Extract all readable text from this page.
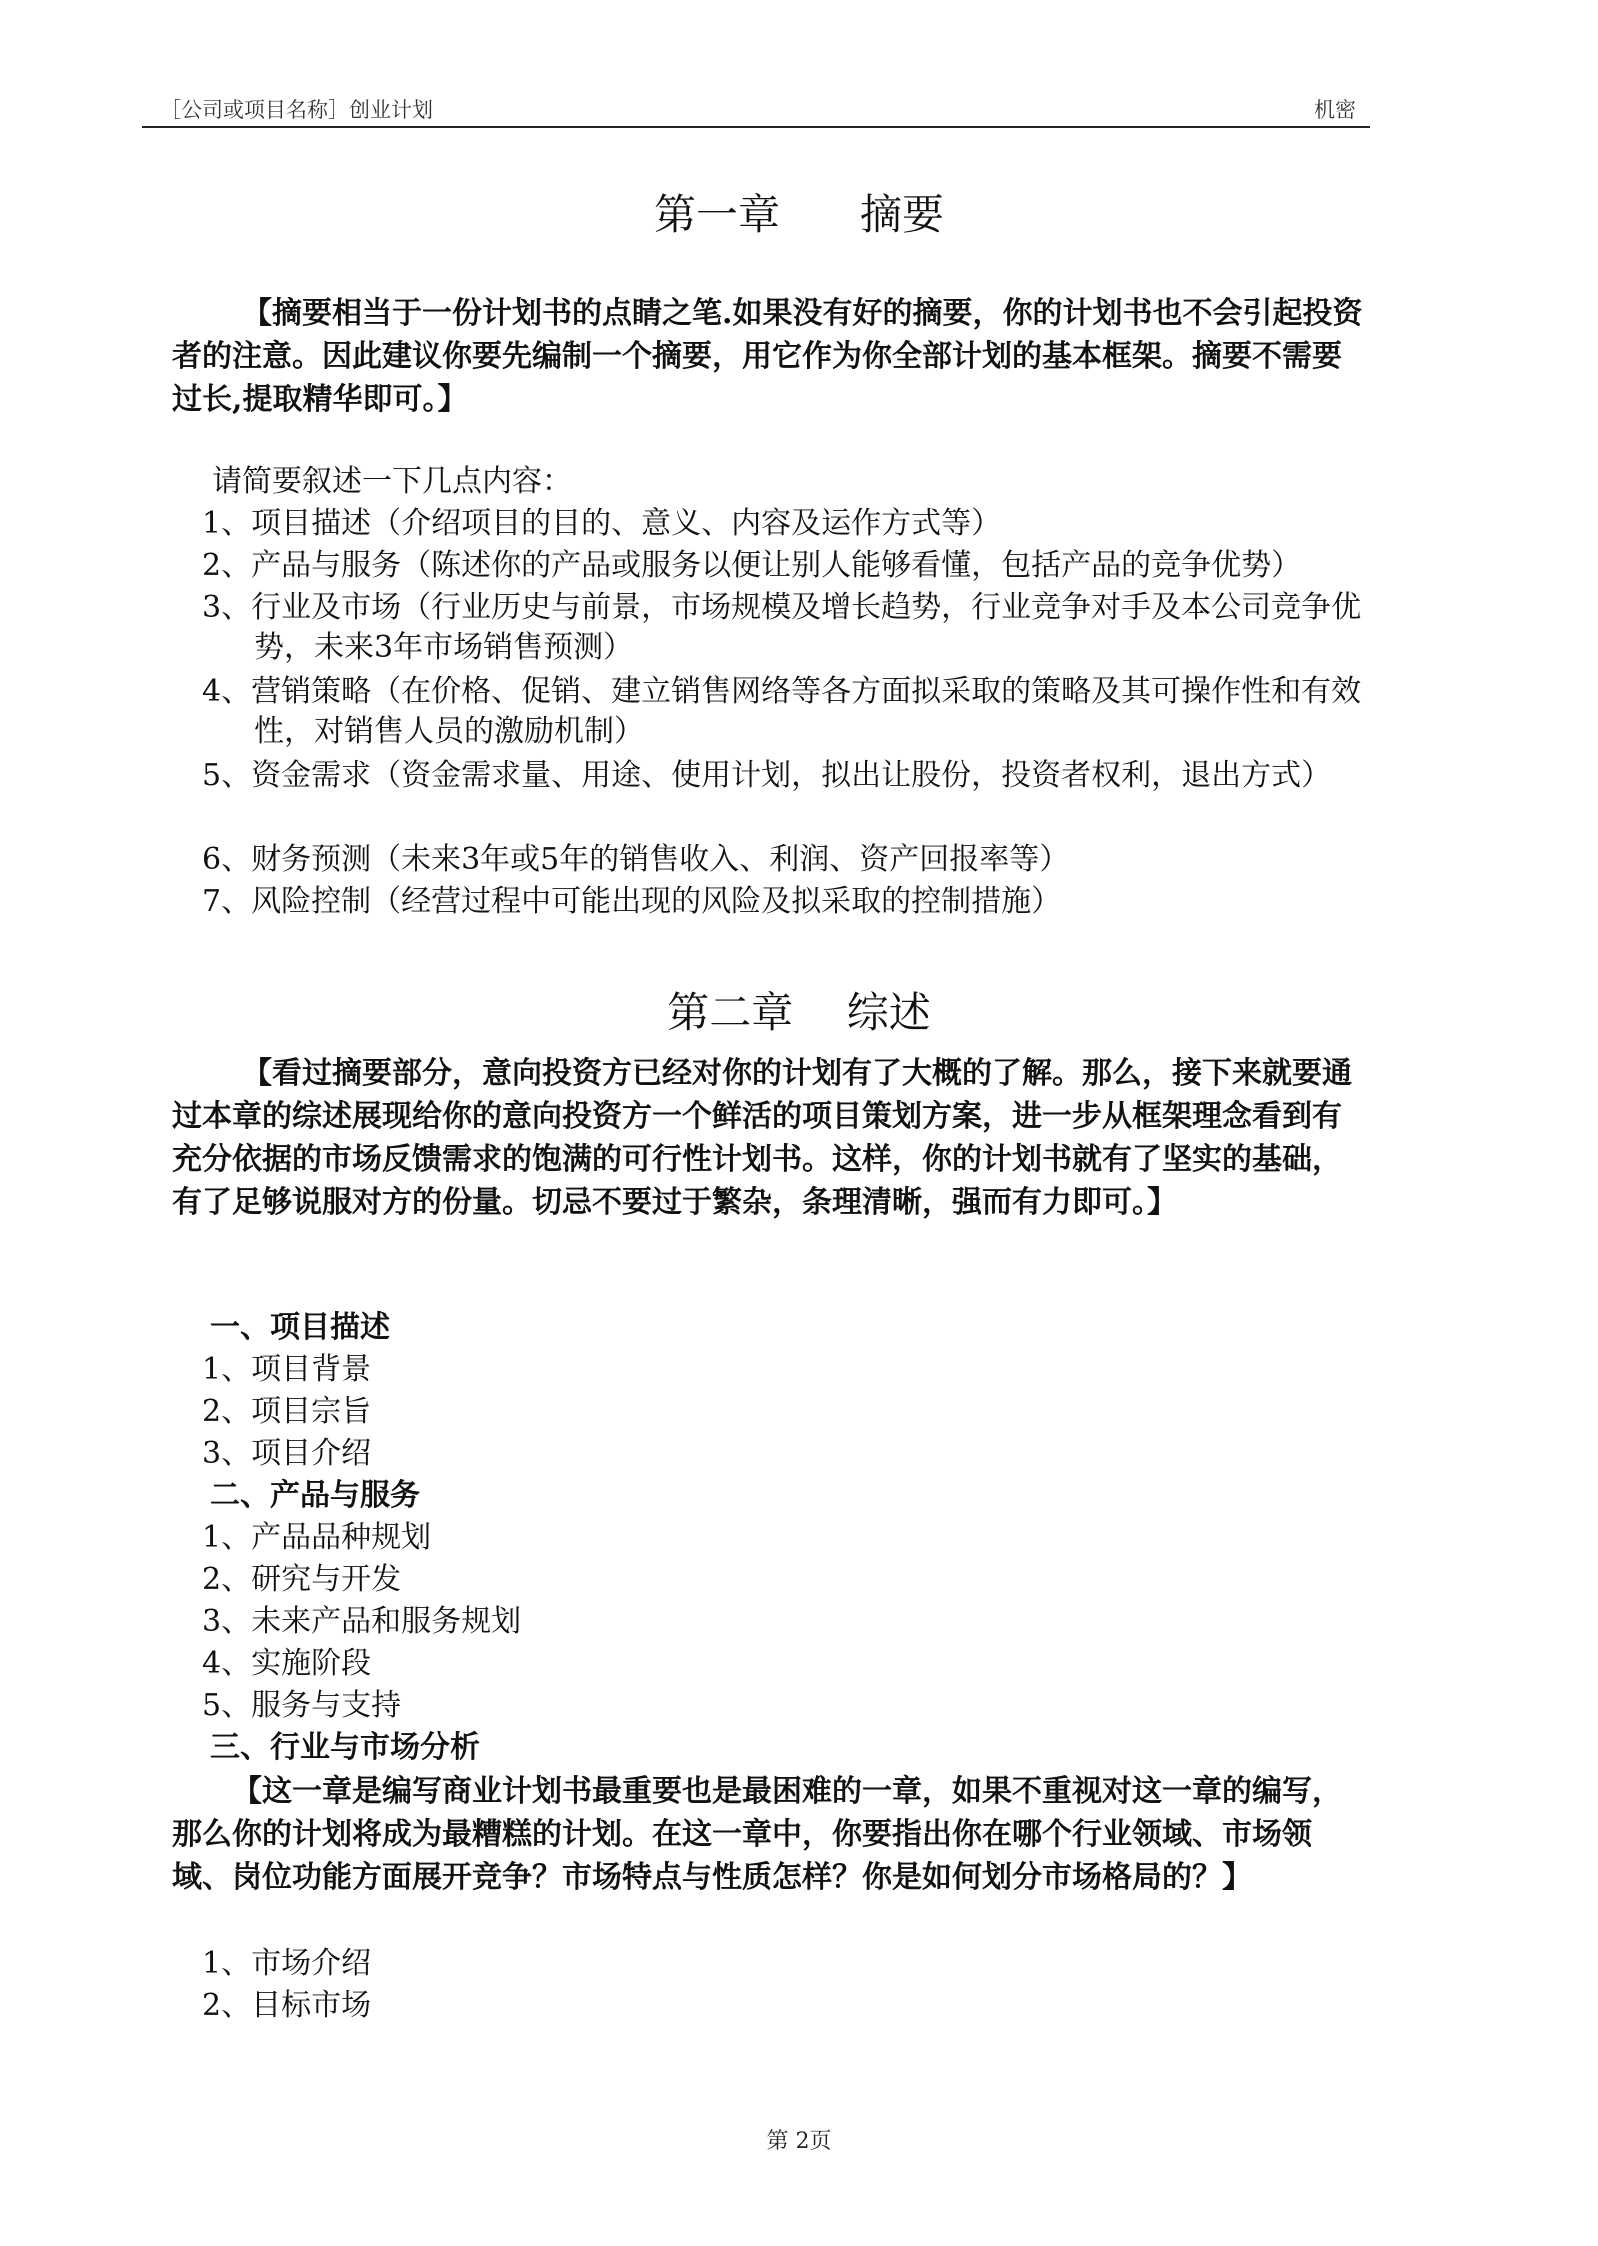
［公司或项目名称］创业计划	机密
第一章      摘要

【摘要相当于一份计划书的点睛之笔.如果没有好的摘要，你的计划书也不会引起投资者的注意。因此建议你要先编制一个摘要，用它作为你全部计划的基本框架。摘要不需要过长,提取精华即可。】

请简要叙述一下几点内容：
1、项目描述（介绍项目的目的、意义、内容及运作方式等）
2、产品与服务（陈述你的产品或服务以便让别人能够看懂，包括产品的竞争优势）
3、行业及市场（行业历史与前景，市场规模及增长趋势，行业竞争对手及本公司竞争优势，未来3年市场销售预测）
4、营销策略（在价格、促销、建立销售网络等各方面拟采取的策略及其可操作性和有效性，对销售人员的激励机制）
5、资金需求（资金需求量、用途、使用计划，拟出让股份，投资者权利，退出方式）
6、财务预测（未来3年或5年的销售收入、利润、资产回报率等）
7、风险控制（经营过程中可能出现的风险及拟采取的控制措施）
第二章    综述

【看过摘要部分，意向投资方已经对你的计划有了大概的了解。那么，接下来就要通过本章的综述展现给你的意向投资方一个鲜活的项目策划方案，进一步从框架理念看到有充分依据的市场反馈需求的饱满的可行性计划书。这样，你的计划书就有了坚实的基础，有了足够说服对方的份量。切忌不要过于繁杂，条理清晰，强而有力即可。】

一、项目描述
1、项目背景
2、项目宗旨
3、项目介绍
二、产品与服务
1、产品品种规划
2、研究与开发
3、未来产品和服务规划
4、实施阶段
5、服务与支持
三、行业与市场分析

【这一章是编写商业计划书最重要也是最困难的一章，如果不重视对这一章的编写，那么你的计划将成为最糟糕的计划。在这一章中，你要指出你在哪个行业领域、市场领域、岗位功能方面展开竞争？市场特点与性质怎样？你是如何划分市场格局的？】

1、市场介绍
2、目标市场
第 2页
